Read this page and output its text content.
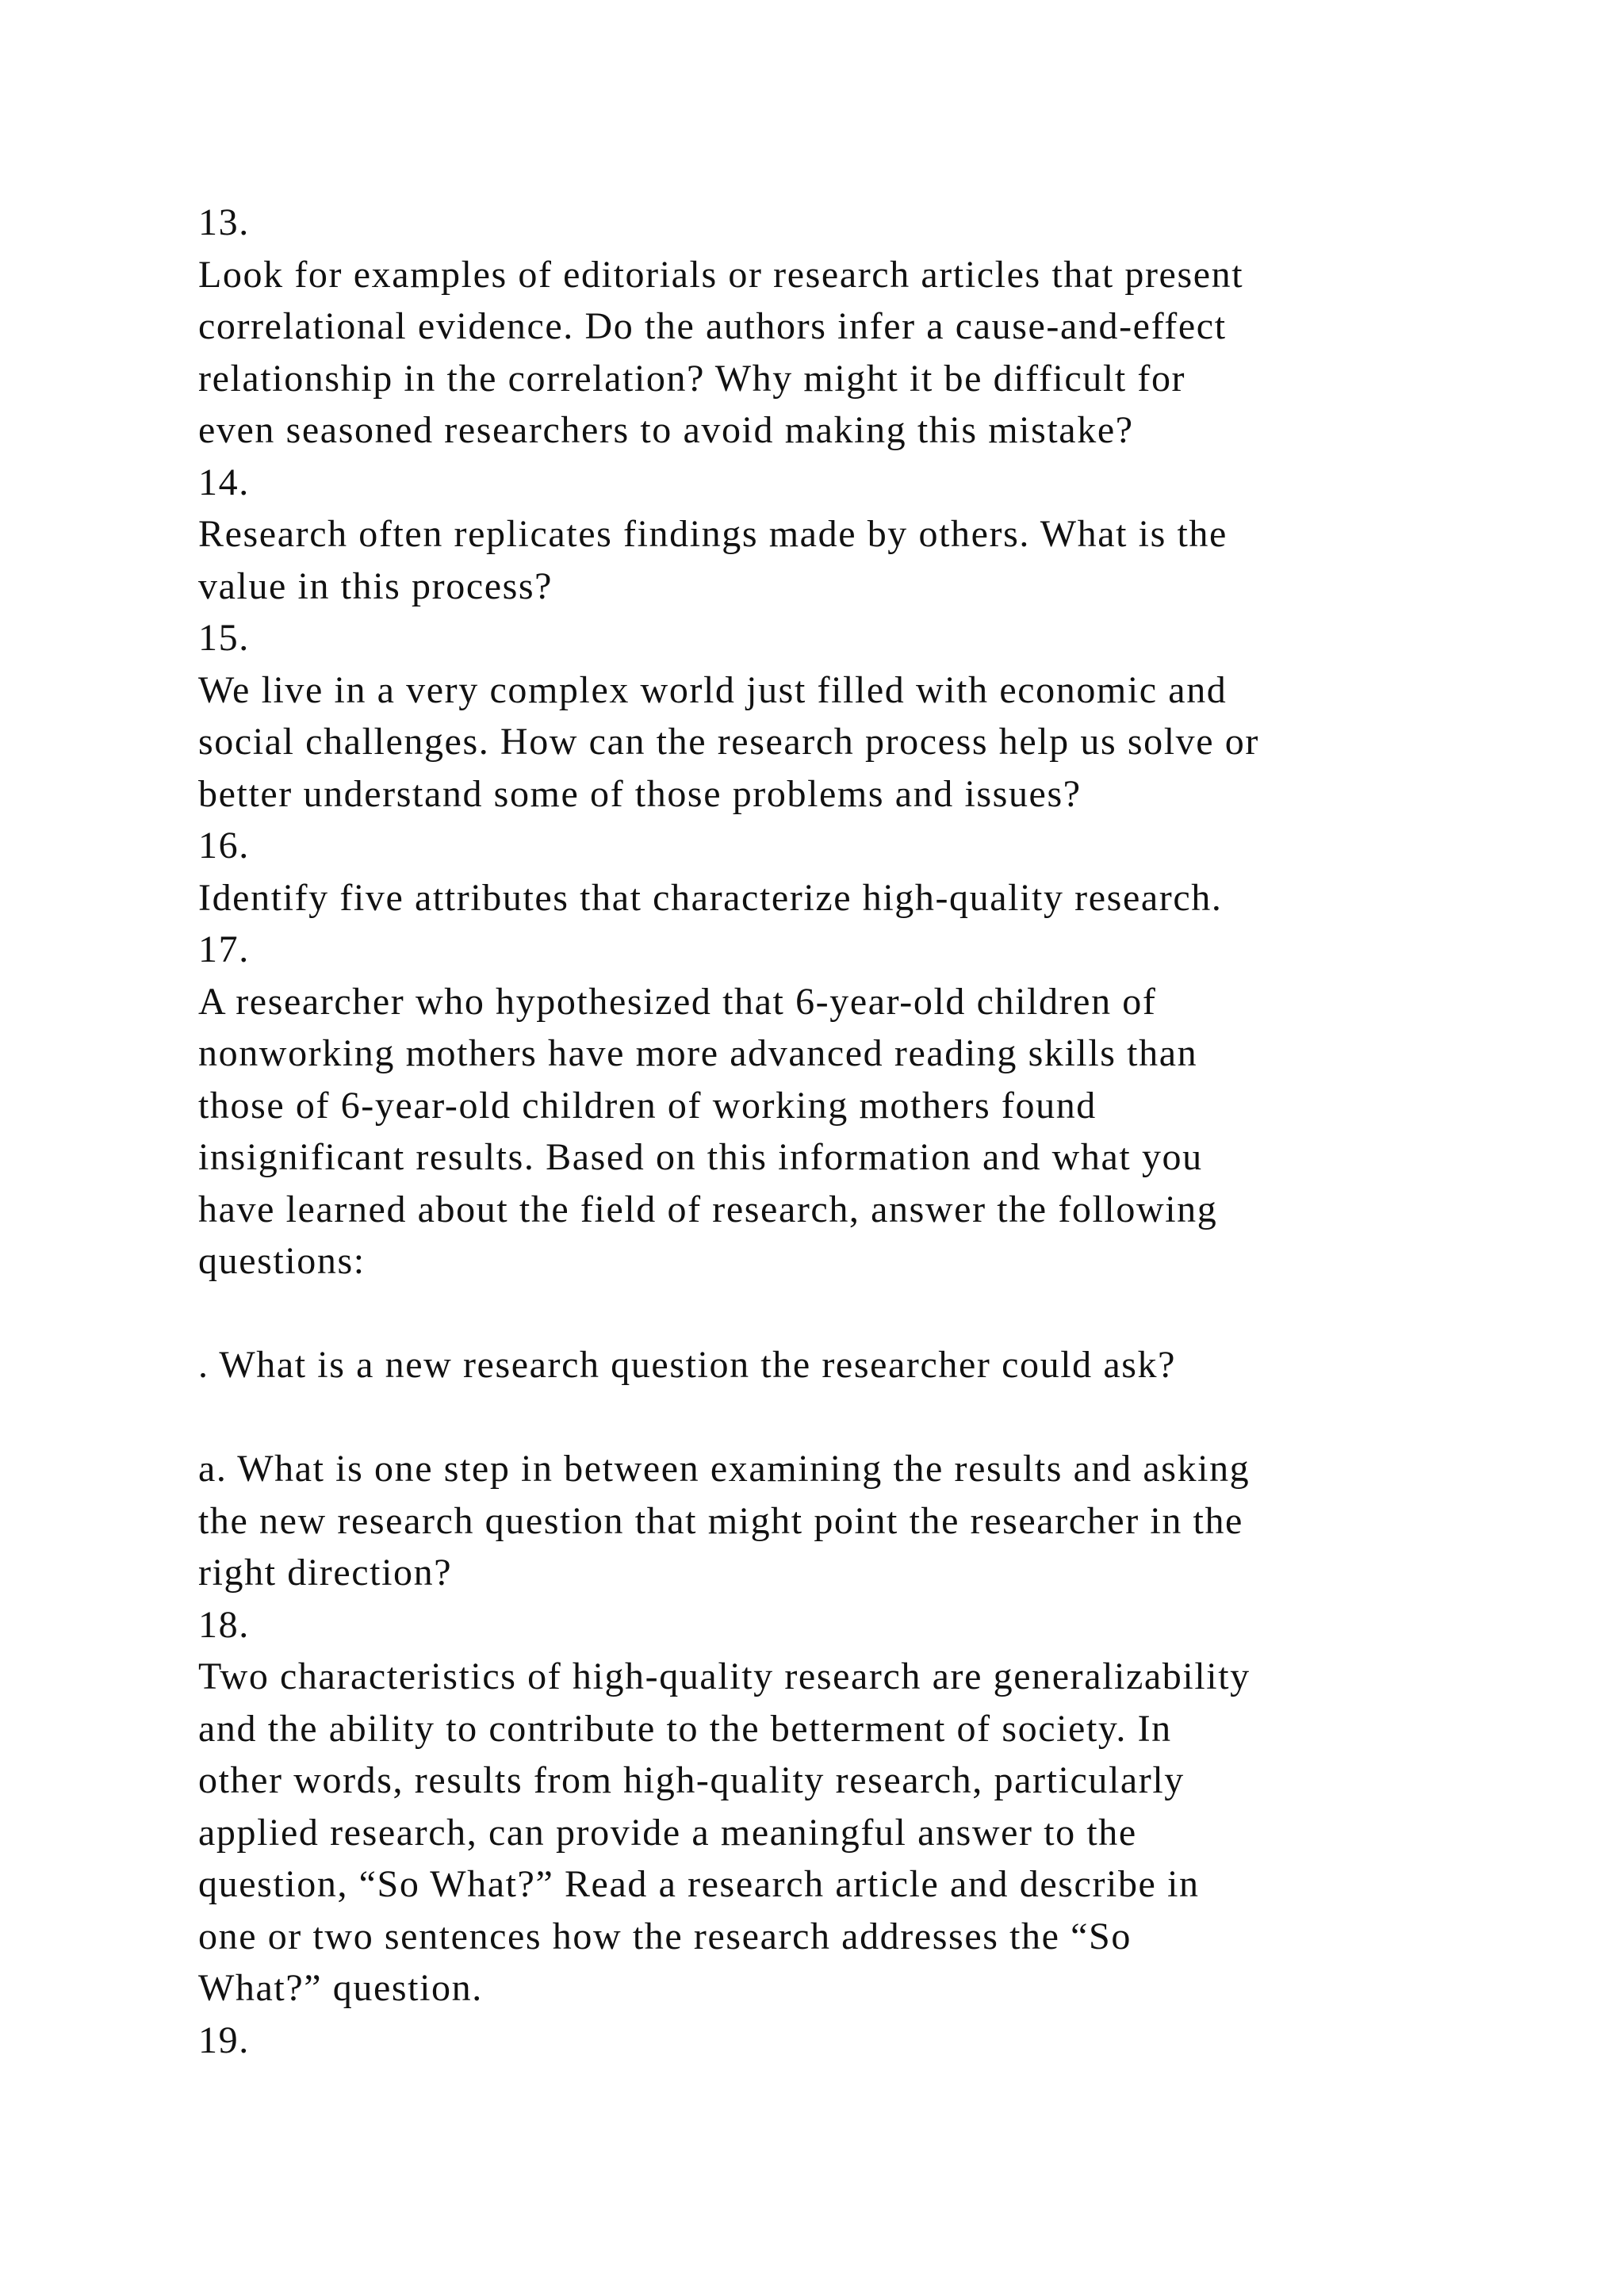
13.
Look for examples of editorials or research articles that present
correlational evidence. Do the authors infer a cause-and-effect
relationship in the correlation? Why might it be difficult for
even seasoned researchers to avoid making this mistake?
14.
Research often replicates findings made by others. What is the
value in this process?
15.
We live in a very complex world just filled with economic and
social challenges. How can the research process help us solve or
better understand some of those problems and issues?
16.
Identify five attributes that characterize high-quality research.
17.
A researcher who hypothesized that 6-year-old children of
nonworking mothers have more advanced reading skills than
those of 6-year-old children of working mothers found
insignificant results. Based on this information and what you
have learned about the field of research, answer the following
questions:
. What is a new research question the researcher could ask?
a. What is one step in between examining the results and asking
the new research question that might point the researcher in the
right direction?
18.
Two characteristics of high-quality research are generalizability
and the ability to contribute to the betterment of society. In
other words, results from high-quality research, particularly
applied research, can provide a meaningful answer to the
question, “So What?” Read a research article and describe in
one or two sentences how the research addresses the “So
What?” question.
19.
